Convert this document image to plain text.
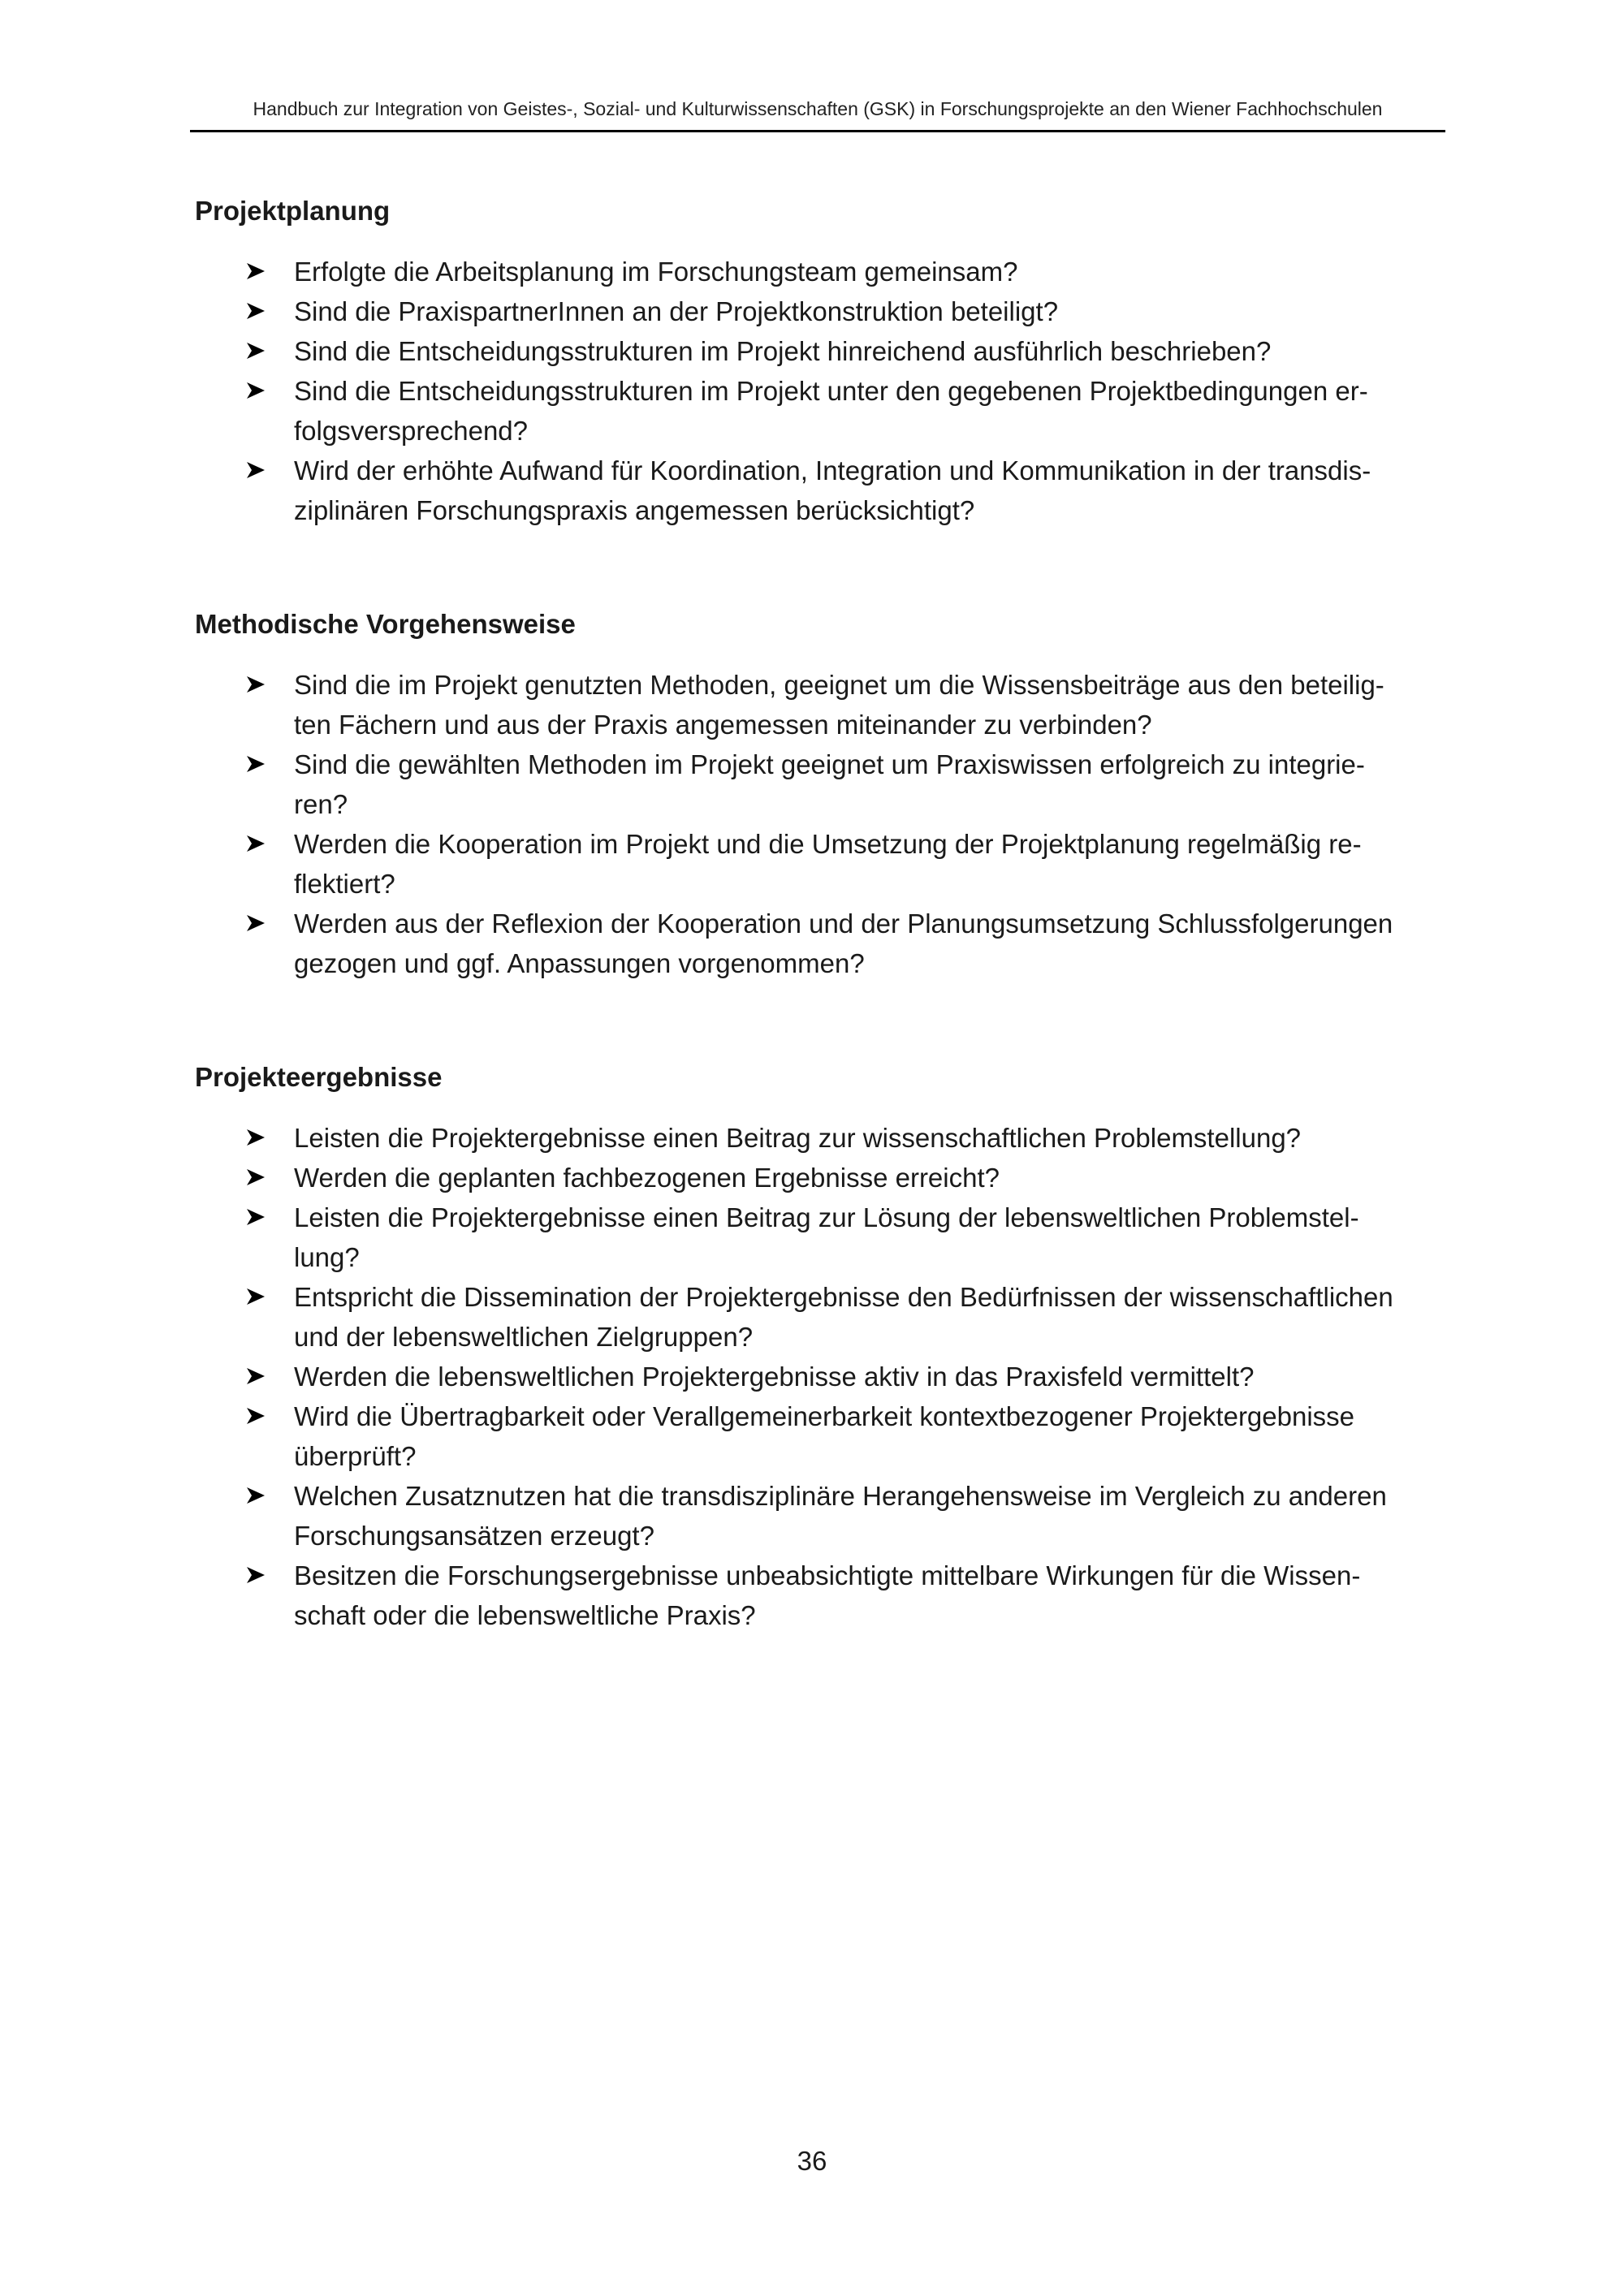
Handbuch zur Integration von Geistes-, Sozial- und Kulturwissenschaften (GSK) in Forschungsprojekte an den Wiener Fachhochschulen
Projektplanung
Erfolgte die Arbeitsplanung im Forschungsteam gemeinsam?
Sind die PraxispartnerInnen an der Projektkonstruktion beteiligt?
Sind die Entscheidungsstrukturen im Projekt hinreichend ausführlich beschrieben?
Sind die Entscheidungsstrukturen im Projekt unter den gegebenen Projektbedingungen er-
folgsversprechend?
Wird der erhöhte Aufwand für Koordination, Integration und Kommunikation in der transdis-
ziplinären Forschungspraxis angemessen berücksichtigt?
Methodische Vorgehensweise
Sind die im Projekt genutzten Methoden, geeignet um die Wissensbeiträge aus den beteilig-
ten Fächern und aus der Praxis angemessen miteinander zu verbinden?
Sind die gewählten Methoden im Projekt geeignet um Praxiswissen erfolgreich zu integrie-
ren?
Werden die Kooperation im Projekt und die Umsetzung der Projektplanung regelmäßig re-
flektiert?
Werden aus der Reflexion der Kooperation und der Planungsumsetzung Schlussfolgerungen
gezogen und ggf. Anpassungen vorgenommen?
Projekteergebnisse
Leisten die Projektergebnisse einen Beitrag zur wissenschaftlichen Problemstellung?
Werden die geplanten fachbezogenen Ergebnisse erreicht?
Leisten die Projektergebnisse einen Beitrag zur Lösung der lebensweltlichen Problemstel-
lung?
Entspricht die Dissemination der Projektergebnisse den Bedürfnissen der wissenschaftlichen
und der lebensweltlichen Zielgruppen?
Werden die lebensweltlichen Projektergebnisse aktiv in das Praxisfeld vermittelt?
Wird die Übertragbarkeit oder Verallgemeinerbarkeit kontextbezogener Projektergebnisse
überprüft?
Welchen Zusatznutzen hat die transdisziplinäre Herangehensweise im Vergleich zu anderen
Forschungsansätzen erzeugt?
Besitzen die Forschungsergebnisse unbeabsichtigte mittelbare Wirkungen für die Wissen-
schaft oder die lebensweltliche Praxis?
36
